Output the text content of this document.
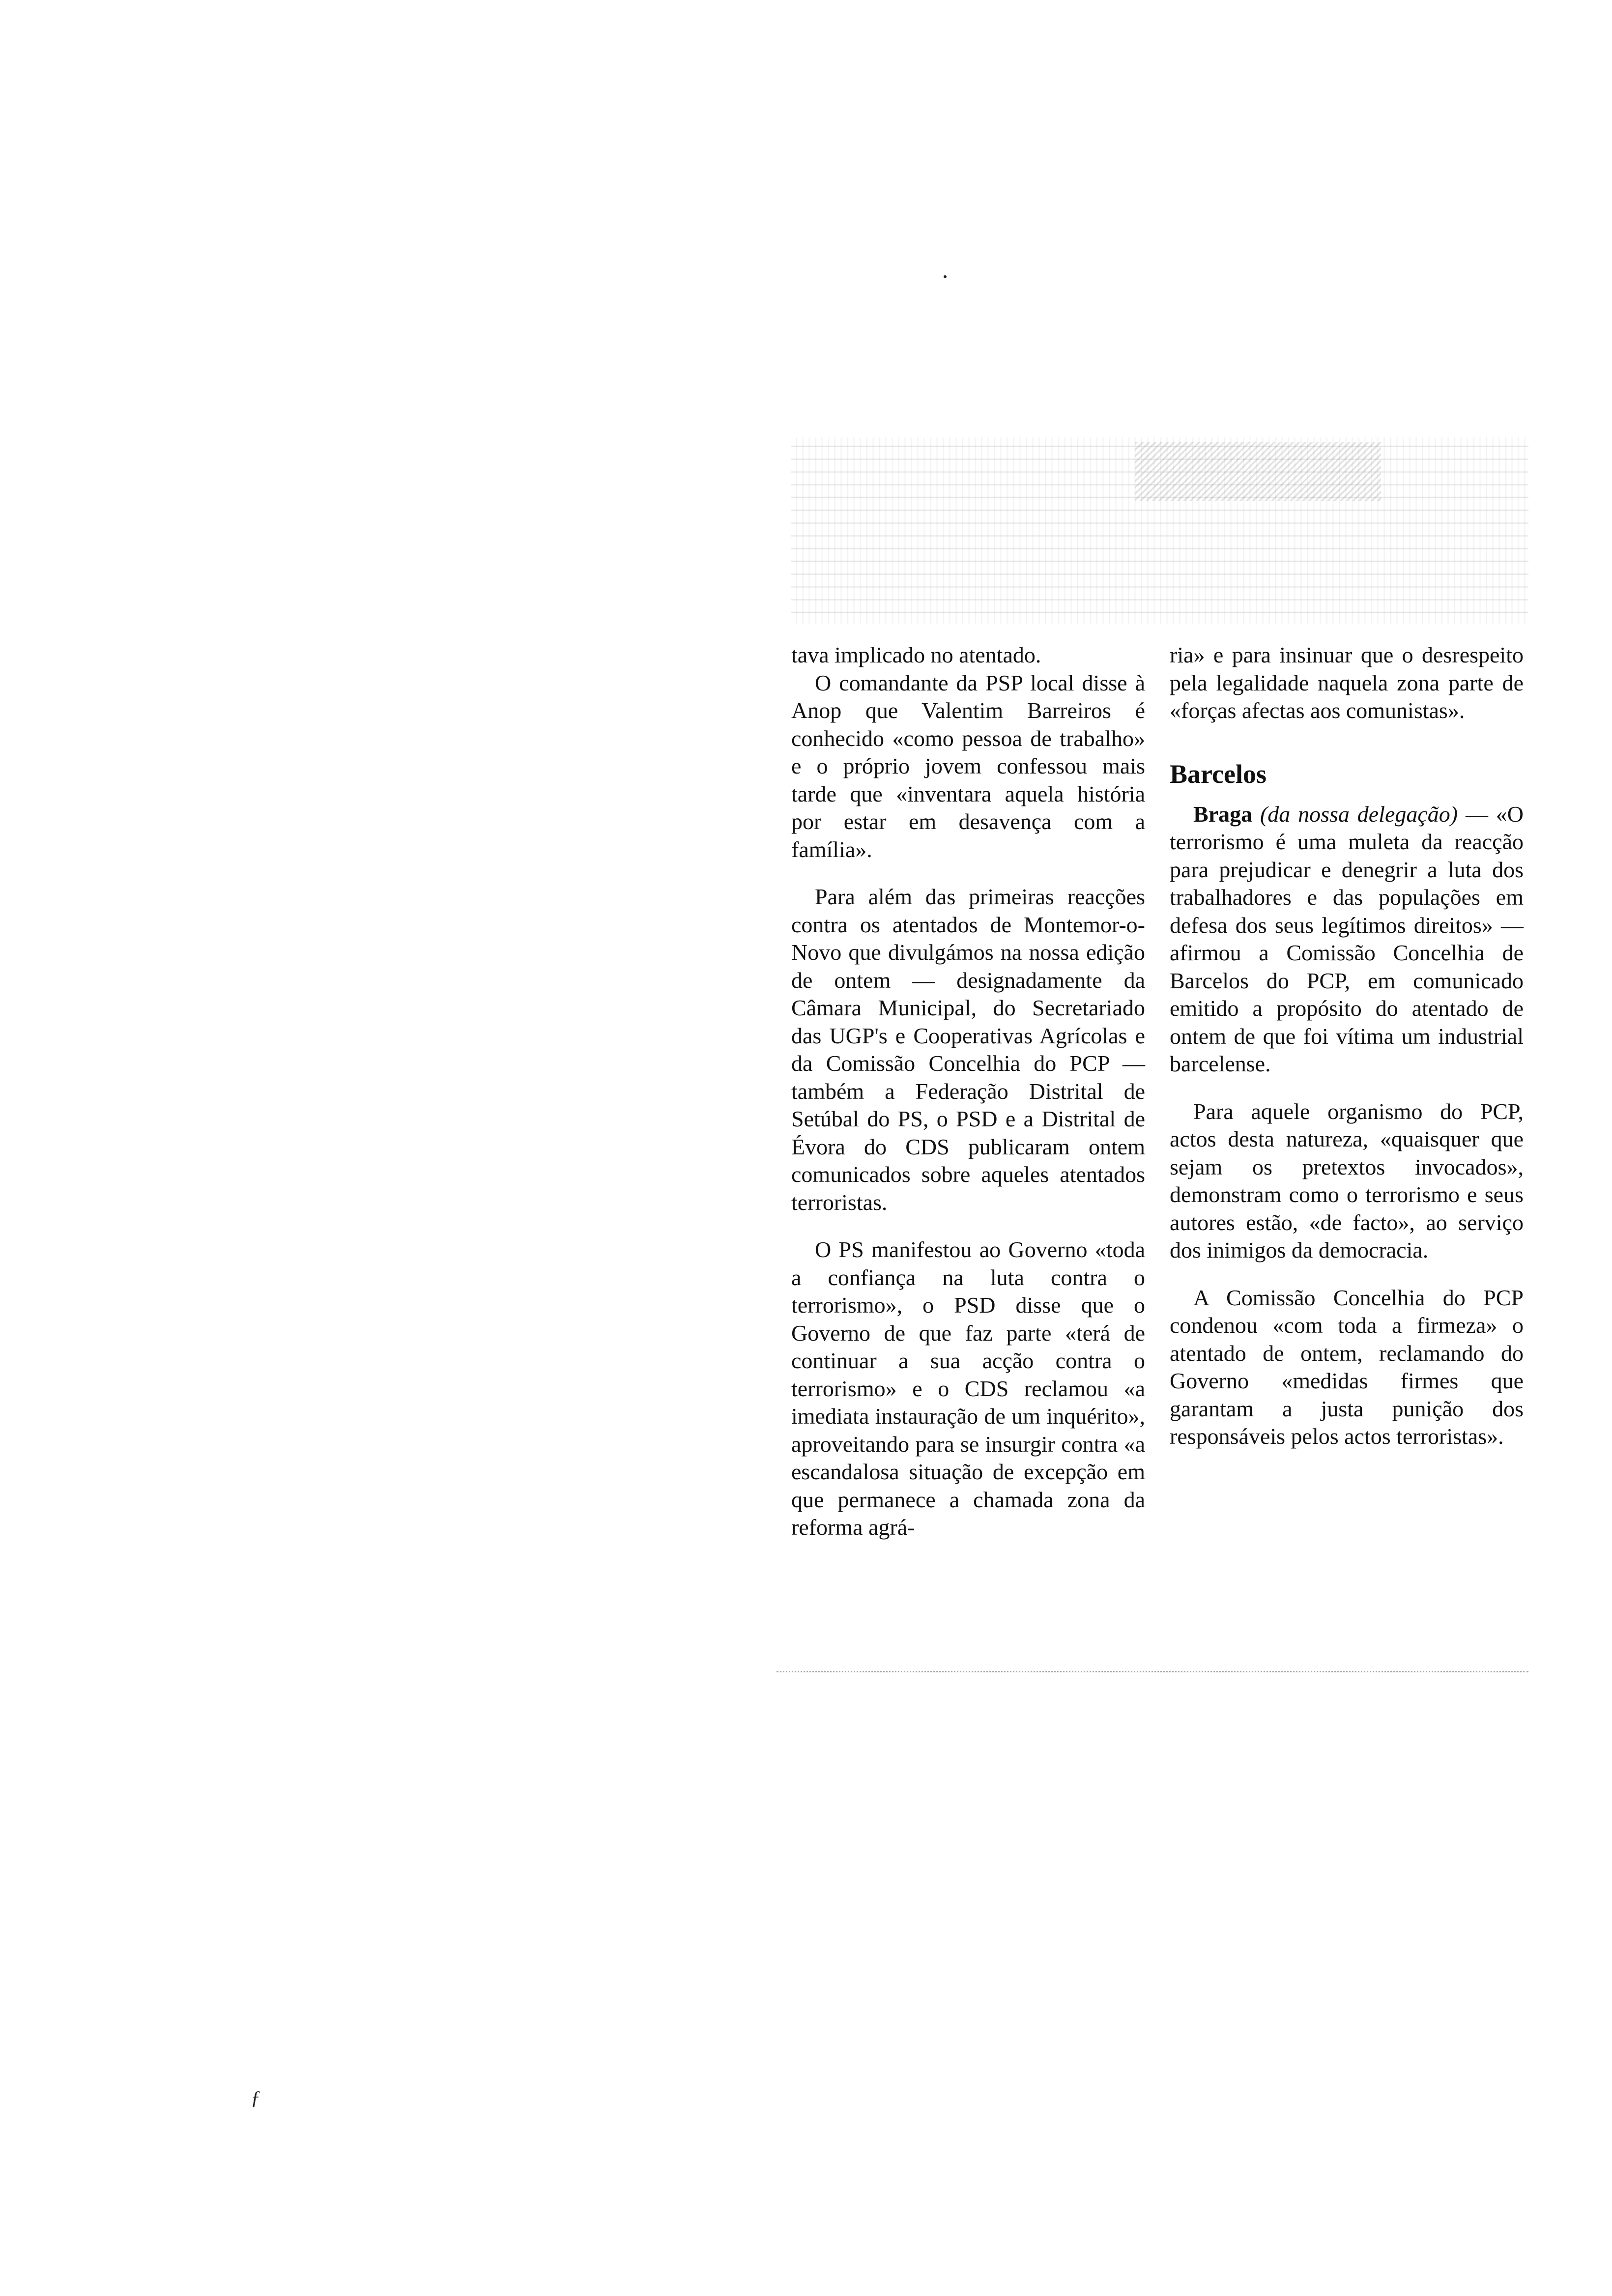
tava implicado no atentado.

O comandante da PSP local disse à Anop que Valentim Barreiros é conhecido «como pessoa de trabalho» e o próprio jovem confessou mais tarde que «inventara aquela história por estar em desavença com a família».

Para além das primeiras reacções contra os atentados de Montemor-o-Novo que divulgámos na nossa edição de ontem — designadamente da Câmara Municipal, do Secretariado das UGP's e Cooperativas Agrícolas e da Comissão Concelhia do PCP — também a Federação Distrital de Setúbal do PS, o PSD e a Distrital de Évora do CDS publicaram ontem comunicados sobre aqueles atentados terroristas.

O PS manifestou ao Governo «toda a confiança na luta contra o terrorismo», o PSD disse que o Governo de que faz parte «terá de continuar a sua acção contra o terrorismo» e o CDS reclamou «a imediata instauração de um inquérito», aproveitando para se insurgir contra «a escandalosa situação de excepção em que permanece a chamada zona da reforma agrá-

ria» e para insinuar que o desrespeito pela legalidade naquela zona parte de «forças afectas aos comunistas».

Barcelos

Braga (da nossa delegação) — «O terrorismo é uma muleta da reacção para prejudicar e denegrir a luta dos trabalhadores e das populações em defesa dos seus legítimos direitos» — afirmou a Comissão Concelhia de Barcelos do PCP, em comunicado emitido a propósito do atentado de ontem de que foi vítima um industrial barcelense.

Para aquele organismo do PCP, actos desta natureza, «quaisquer que sejam os pretextos invocados», demonstram como o terrorismo e seus autores estão, «de facto», ao serviço dos inimigos da democracia.

A Comissão Concelhia do PCP condenou «com toda a firmeza» o atentado de ontem, reclamando do Governo «medidas firmes que garantam a justa punição dos responsáveis pelos actos terroristas».

ƒ
